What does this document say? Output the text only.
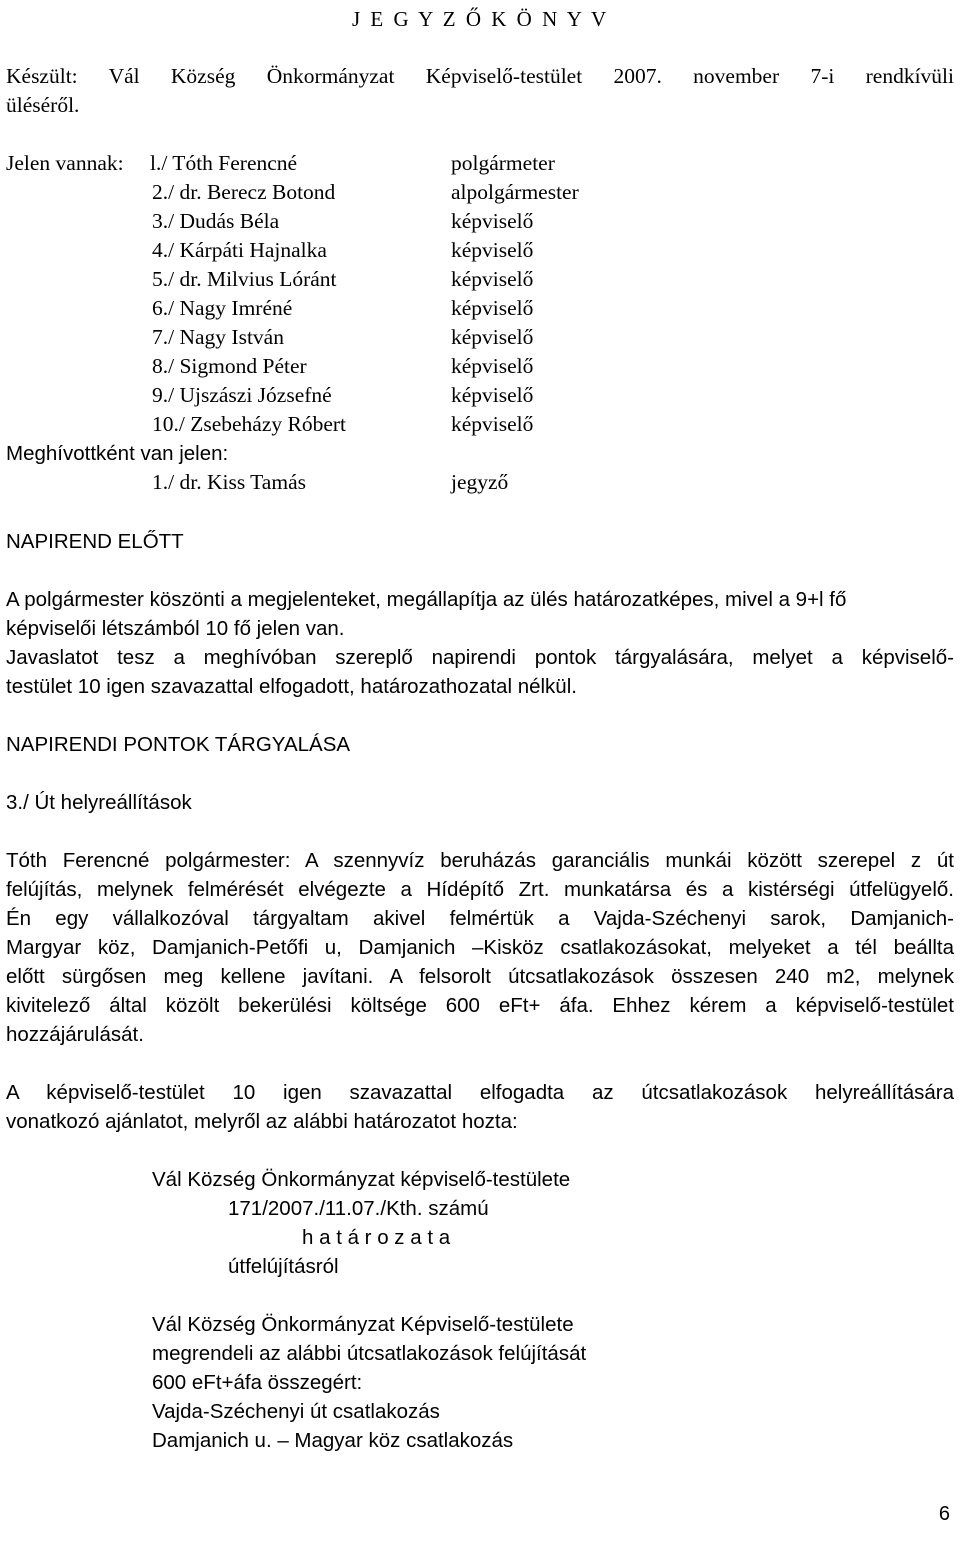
J E G Y Z Ő K Ö N Y V
Készült: Vál Község Önkormányzat Képviselő-testület 2007. november 7-i rendkívüli
üléséről.
Jelen vannak: l./ Tóth Ferencné	polgármeter
2./ dr. Berecz Botond	alpolgármester
3./ Dudás Béla	képviselő
4./ Kárpáti Hajnalka	képviselő
5./ dr. Milvius Lóránt	képviselő
6./ Nagy Imréné	képviselő
7./ Nagy István	képviselő
8./ Sigmond Péter	képviselő
9./ Ujszászi Józsefné	képviselő
10./ Zsebeházy Róbert	képviselő
Meghívottként van jelen:
1./ dr. Kiss Tamás	jegyző
NAPIREND ELŐTT
A polgármester köszönti a megjelenteket, megállapítja az ülés határozatképes, mivel a 9+l fő
képviselői létszámból 10 fő jelen van.
Javaslatot tesz a meghívóban szereplő napirendi pontok tárgyalására, melyet a képviselő-
testület 10 igen szavazattal elfogadott, határozathozatal nélkül.
NAPIRENDI PONTOK TÁRGYALÁSA
3./ Út helyreállítások
Tóth Ferencné polgármester: A szennyvíz beruházás garanciális munkái között szerepel z út
felújítás, melynek felmérését elvégezte a Hídépítő Zrt. munkatársa és a kistérségi útfelügyelő.
Én egy vállalkozóval tárgyaltam akivel felmértük a Vajda-Széchenyi sarok, Damjanich-
Margyar köz, Damjanich-Petőfi u, Damjanich –Kisköz csatlakozásokat, melyeket a tél beállta
előtt sürgősen meg kellene javítani. A felsorolt útcsatlakozások összesen 240 m2, melynek
kivitelező által közölt bekerülési költsége 600 eFt+ áfa. Ehhez kérem a képviselő-testület
hozzájárulását.
A képviselő-testület 10 igen szavazattal elfogadta az útcsatlakozások helyreállítására
vonatkozó ajánlatot, melyről az alábbi határozatot hozta:
Vál Község Önkormányzat képviselő-testülete
171/2007./11.07./Kth. számú
h a t á r o z a t a
útfelújításról
Vál Község Önkormányzat Képviselő-testülete
megrendeli az alábbi útcsatlakozások felújítását
600 eFt+áfa összegért:
Vajda-Széchenyi út csatlakozás
Damjanich u. – Magyar köz csatlakozás
6
